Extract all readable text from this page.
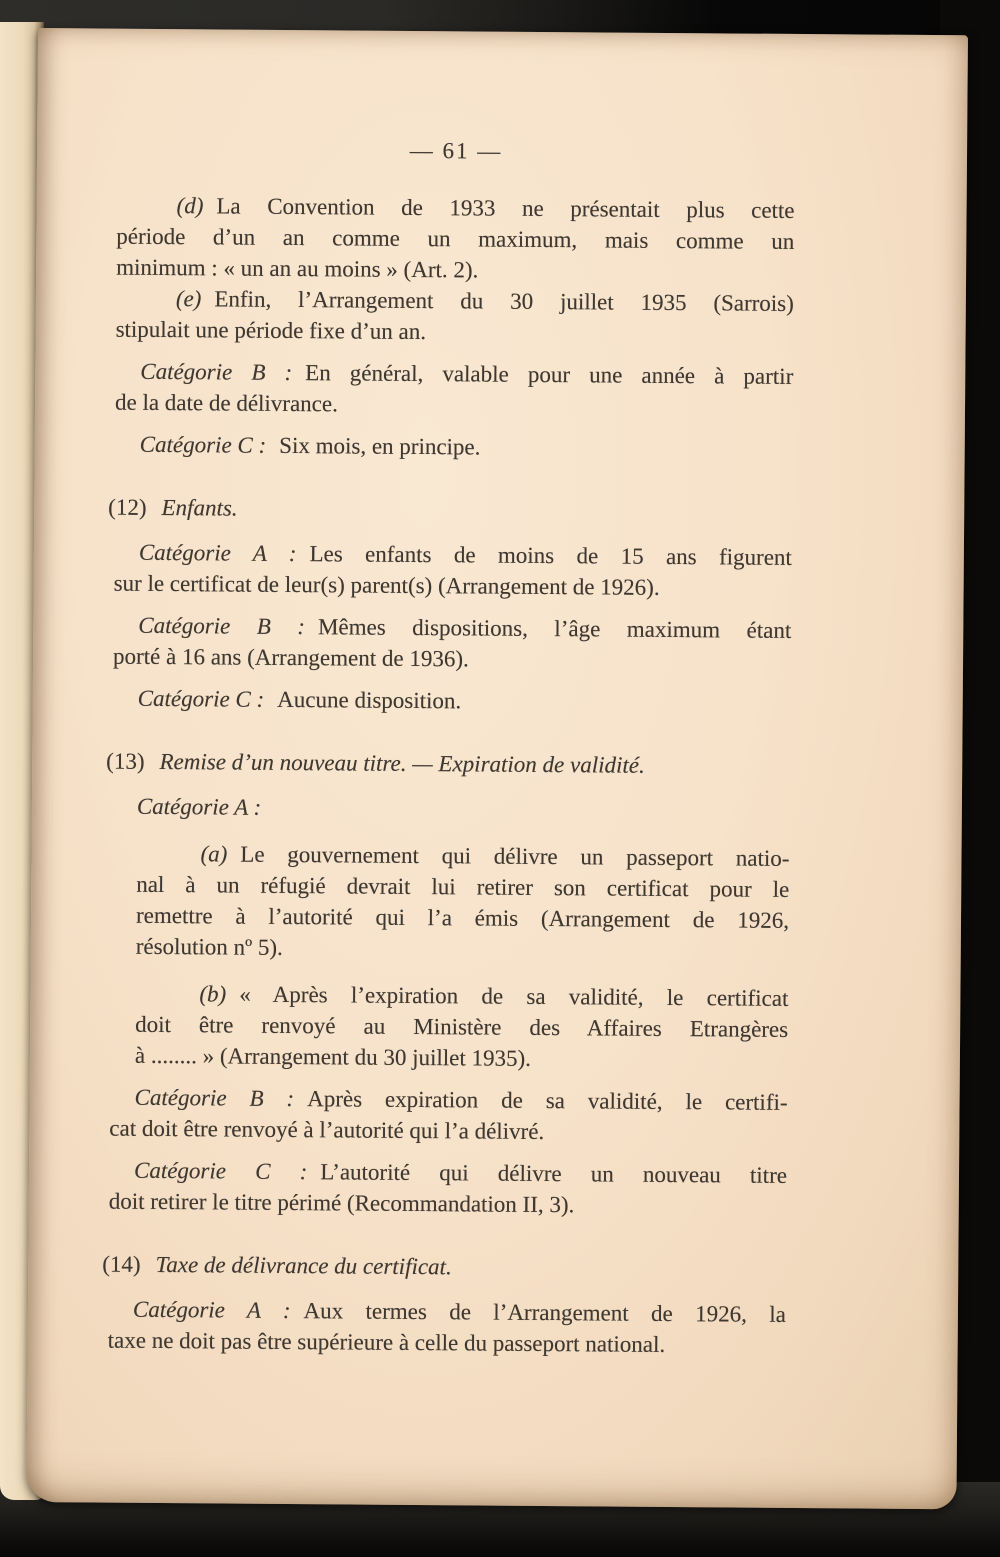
— 61 —
(d) La Convention de 1933 ne présentait plus cette
période d’un an comme un maximum, mais comme un
minimum : « un an au moins » (Art. 2).
(e) Enfin, l’Arrangement du 30 juillet 1935 (Sarrois)
stipulait une période fixe d’un an.
Catégorie B : En général, valable pour une année à partir
de la date de délivrance.
Catégorie C : Six mois, en principe.
(12) Enfants.
Catégorie A : Les enfants de moins de 15 ans figurent
sur le certificat de leur(s) parent(s) (Arrangement de 1926).
Catégorie B : Mêmes dispositions, l’âge maximum étant
porté à 16 ans (Arrangement de 1936).
Catégorie C : Aucune disposition.
(13) Remise d’un nouveau titre. — Expiration de validité.
Catégorie A :
(a) Le gouvernement qui délivre un passeport natio-
nal à un réfugié devrait lui retirer son certificat pour le
remettre à l’autorité qui l’a émis (Arrangement de 1926,
résolution nº 5).
(b) « Après l’expiration de sa validité, le certificat
doit être renvoyé au Ministère des Affaires Etrangères
à ........ » (Arrangement du 30 juillet 1935).
Catégorie B : Après expiration de sa validité, le certifi-
cat doit être renvoyé à l’autorité qui l’a délivré.
Catégorie C : L’autorité qui délivre un nouveau titre
doit retirer le titre périmé (Recommandation II, 3).
(14) Taxe de délivrance du certificat.
Catégorie A : Aux termes de l’Arrangement de 1926, la
taxe ne doit pas être supérieure à celle du passeport national.
